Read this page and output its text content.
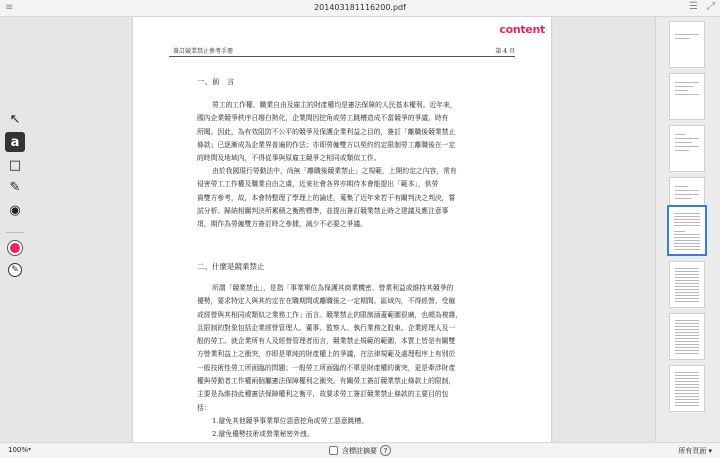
≡	201403181116200.pdf	☰ ⤢
↖
a
□
✎
◉
✎
content
簽訂競業禁止參考手冊	第 4 頁
一、前　言
勞工的工作權、職業自由及雇主的財產權均是憲法保障的人民基本權利。近年來，
國內企業競爭秩序日趨白熱化，企業間因挖角或勞工跳槽造成不當競爭的爭議，時有
所聞。因此，為有效阻防不公平的競爭及保護企業利益之目的，簽訂「離職後競業禁止
條款」已逐漸成為企業界普遍的作法；亦即勞僱雙方以契約約定限制勞工離職後在一定
的時間及地域內，不得從事與原雇主競爭之相同或類似工作。
由於我國現行勞動法中，尚無「離職後競業禁止」之規範，上開約定之內容，常有
侵害勞工工作權及職業自由之虞，近來社會各界亦期待本會能提出「範本」，供勞
資雙方參考，故，本會特整理了學理上的論述，蒐集了近年來若干有關判決之判決，嘗
試分析、歸納相關判決所累積之衡酌標準，並提出簽訂競業禁止時之建議及應注意事
項，期作為勞僱雙方簽訂時之參據，減少不必要之爭議。
二、什麼是競業禁止
所謂「競業禁止」，是指「事業單位為保護其商業機密、營業利益或維持其競爭的
優勢，要求特定人與其約定在在職期間或離職後之一定期間、區域內，不得經營、受僱
或經營與其相同或類似之業務工作」而言。競業禁止的限制涵蓋範圍很廣，也頗為複雜，
且限制的對象包括企業經營管理人、董事、監察人、執行業務之股東、企業經理人及一
般的勞工。就企業所有人及經營管理者而言，競業禁止規範的範圍，本質上皆是有關雙
方營業利益上之衝突，亦即是單純的財產權上的爭議，在法律規範及處理程序上有別於
一般技術性勞工所面臨的問題；一般勞工所面臨的不單是財產權的衝突，更是牽涉財產
權與勞動者工作權兩個屬憲法保障權利之衝突。有關勞工簽訂競業禁止條款上的限制，
主要是為維持此種憲法保障權利之衡平，故要求勞工簽訂競業禁止條款的主要目的包
括：
1.避免其他競爭事業單位惡意挖角或勞工惡意跳槽。
2.避免優勢技術或營業秘密外洩。
100% ▾	含標註摘要 ?	所有頁面 ▾
